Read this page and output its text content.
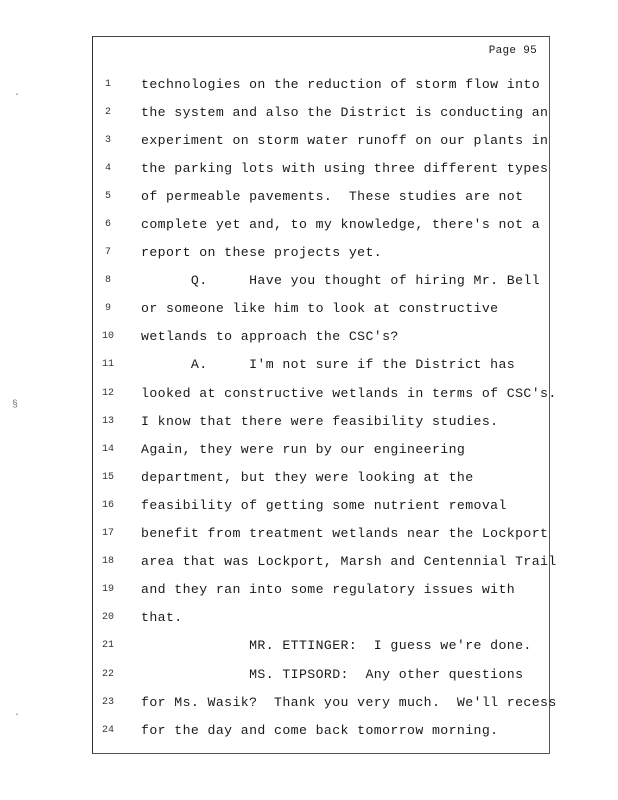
Page 95
1	technologies on the reduction of storm flow into
2	the system and also the District is conducting an
3	experiment on storm water runoff on our plants in
4	the parking lots with using three different types
5	of permeable pavements.  These studies are not
6	complete yet and, to my knowledge, there's not a
7	report on these projects yet.
8	Q.     Have you thought of hiring Mr. Bell
9	or someone like him to look at constructive
10	wetlands to approach the CSC's?
11	A.     I'm not sure if the District has
12	looked at constructive wetlands in terms of CSC's.
13	I know that there were feasibility studies.
14	Again, they were run by our engineering
15	department, but they were looking at the
16	feasibility of getting some nutrient removal
17	benefit from treatment wetlands near the Lockport
18	area that was Lockport, Marsh and Centennial Trail
19	and they ran into some regulatory issues with
20	that.
21	MR. ETTINGER:  I guess we're done.
22	MS. TIPSORD:  Any other questions
23	for Ms. Wasik?  Thank you very much.  We'll recess
24	for the day and come back tomorrow morning.
·
§
·
